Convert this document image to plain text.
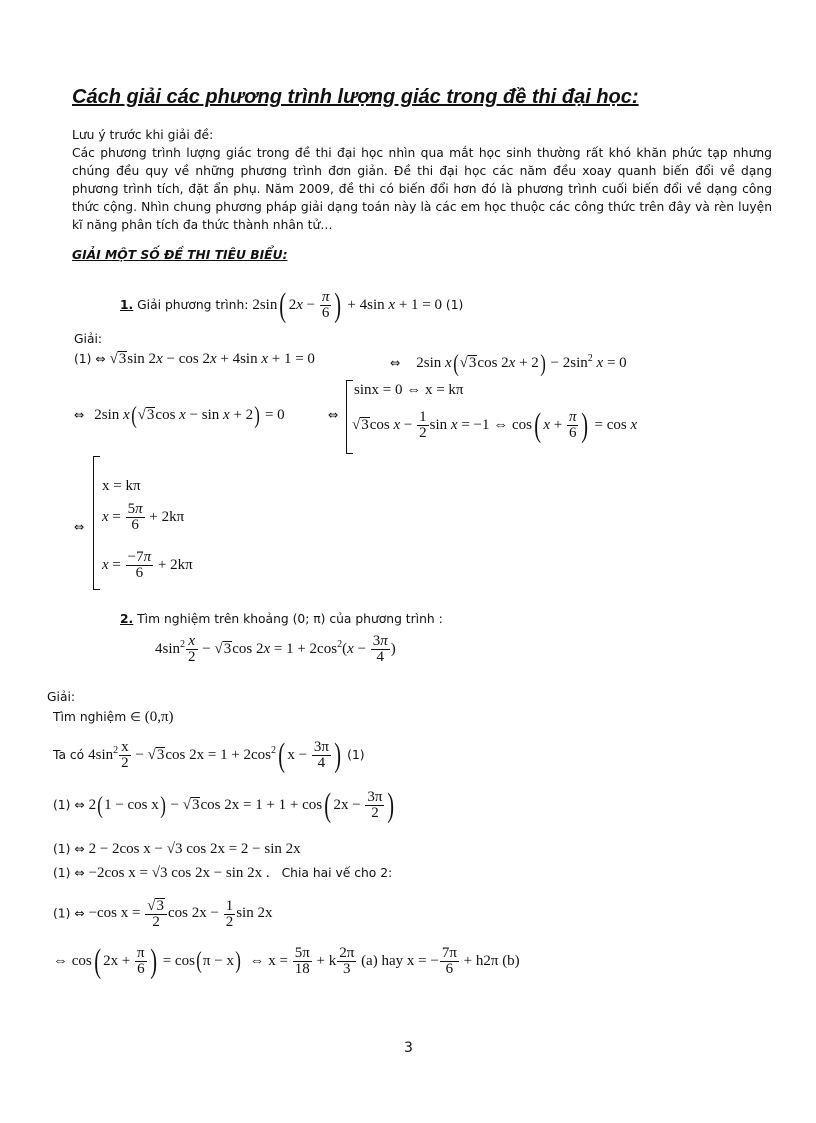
Cách giải các phương trình lượng giác trong đề thi đại học:

Lưu ý trước khi giải đề:

Các phương trình lượng giác trong đề thi đại học nhìn qua mắt học sinh thường rất khó khăn phức tạp nhưng chúng đều quy về những phương trình đơn giản. Đề thi đại học các năm đều xoay quanh biến đổi về dạng phương trình tích, đặt ẩn phụ. Năm 2009, đề thi có biến đổi hơn đó là phương trình cuối biến đổi về dạng công thức cộng. Nhìn chung phương pháp giải dạng toán này là các em học thuộc các công thức trên đây và rèn luyện kĩ năng phân tích đa thức thành nhân tử…

GIẢI MỘT SỐ ĐỀ THI TIÊU BIỂU:
1. Giải phương trình: 2sin( $2x - \frac{\pi}{6}$ ) + 4sin x + 1 = 0 (1)
Giải:
(1) ⇔ √3sin 2x − cos 2x + 4sin x + 1 = 0	⇔ 2sin x(√3cos $2x + 2) - 2\sin^2$ x = 0
⇔ 2sin x(√3cos x − sin x + 2) = 0	⇔
sinx = 0 ⇔ x = kπ
√3cos $x - \frac{1}{2}$ sin x = −1 ⇔ cos( $x + \frac{\pi}{6}$ ) = cos x
⇔
x = kπ
$x = \frac{5\pi}{6} + 2k\pi$
$x = \frac{-7\pi}{6} + 2k\pi$
2. Tìm nghiệm trên khoảng (0; π) của phương trình :
$4\sin^2 \frac{x}{2} - √3\cos$ $2x = 1 + 2\cos^2(x - \frac{3\pi}{4}$ )
Giải:
Tìm nghiệm ∈ (0,π)
Ta có $4\sin^2 \frac{x}{2} - √3\cos$ $2x = 1 + 2\cos^2$( $x - \frac{3\pi}{4}$ ) (1)
(1) ⇔ 2(1 − cos x) − √3cos 2x = 1 + 1 + cos( $2x - \frac{3\pi}{2}$ )
(1) ⇔ 2 − 2cos x − √3 cos 2x = 2 − sin 2x
(1) ⇔ −2cos x = √3 cos 2x − sin 2x . Chia hai vế cho 2:
(1) ⇔ −cos $x = \frac{√3}{2}$ $\cos 2x - \frac{1}{2}$ sin 2x
⇔ cos( $2x + \frac{\pi}{6}$ ) = cos(π − x)  ⇔ $x = \frac{5\pi}{18} + k \frac{2\pi}{3} (a)$ hay x = − $\frac{7\pi}{6} + h2\pi$ (b)
3
